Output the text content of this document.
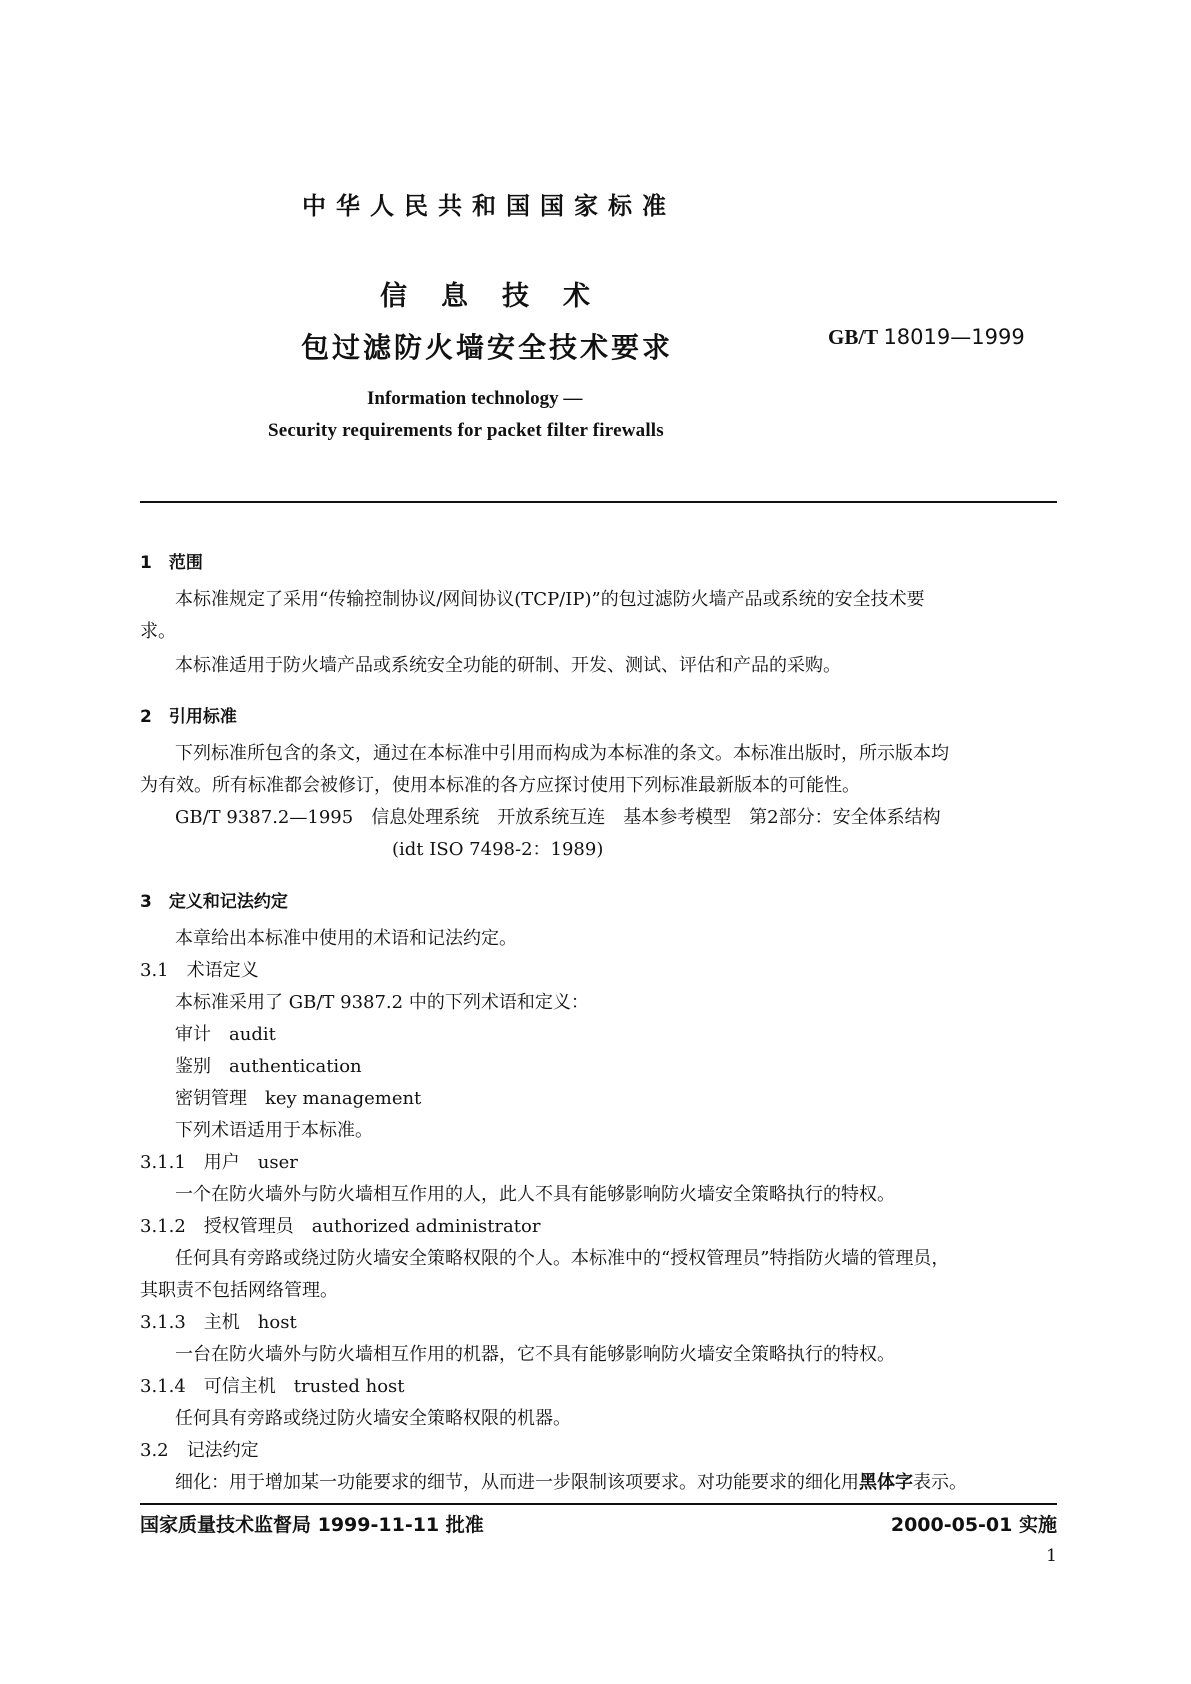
中华人民共和国国家标准
信息技术
包过滤防火墙安全技术要求	GB/T 18019—1999
Information technology —
Security requirements for packet filter firewalls
1　范围
本标准规定了采用“传输控制协议/网间协议(TCP/IP)”的包过滤防火墙产品或系统的安全技术要
求。
本标准适用于防火墙产品或系统安全功能的研制、开发、测试、评估和产品的采购。
2　引用标准
下列标准所包含的条文，通过在本标准中引用而构成为本标准的条文。本标准出版时，所示版本均
为有效。所有标准都会被修订，使用本标准的各方应探讨使用下列标准最新版本的可能性。
GB/T 9387.2—1995　信息处理系统　开放系统互连　基本参考模型　第2部分：安全体系结构
(idt ISO 7498-2：1989)
3　定义和记法约定
本章给出本标准中使用的术语和记法约定。
3.1　术语定义
本标准采用了 GB/T 9387.2 中的下列术语和定义：
审计　audit
鉴别　authentication
密钥管理　key management
下列术语适用于本标准。
3.1.1　用户　user
一个在防火墙外与防火墙相互作用的人，此人不具有能够影响防火墙安全策略执行的特权。
3.1.2　授权管理员　authorized administrator
任何具有旁路或绕过防火墙安全策略权限的个人。本标准中的“授权管理员”特指防火墙的管理员，
其职责不包括网络管理。
3.1.3　主机　host
一台在防火墙外与防火墙相互作用的机器，它不具有能够影响防火墙安全策略执行的特权。
3.1.4　可信主机　trusted host
任何具有旁路或绕过防火墙安全策略权限的机器。
3.2　记法约定
细化：用于增加某一功能要求的细节，从而进一步限制该项要求。对功能要求的细化用黑体字表示。
国家质量技术监督局 1999-11-11 批准	2000-05-01 实施
1
